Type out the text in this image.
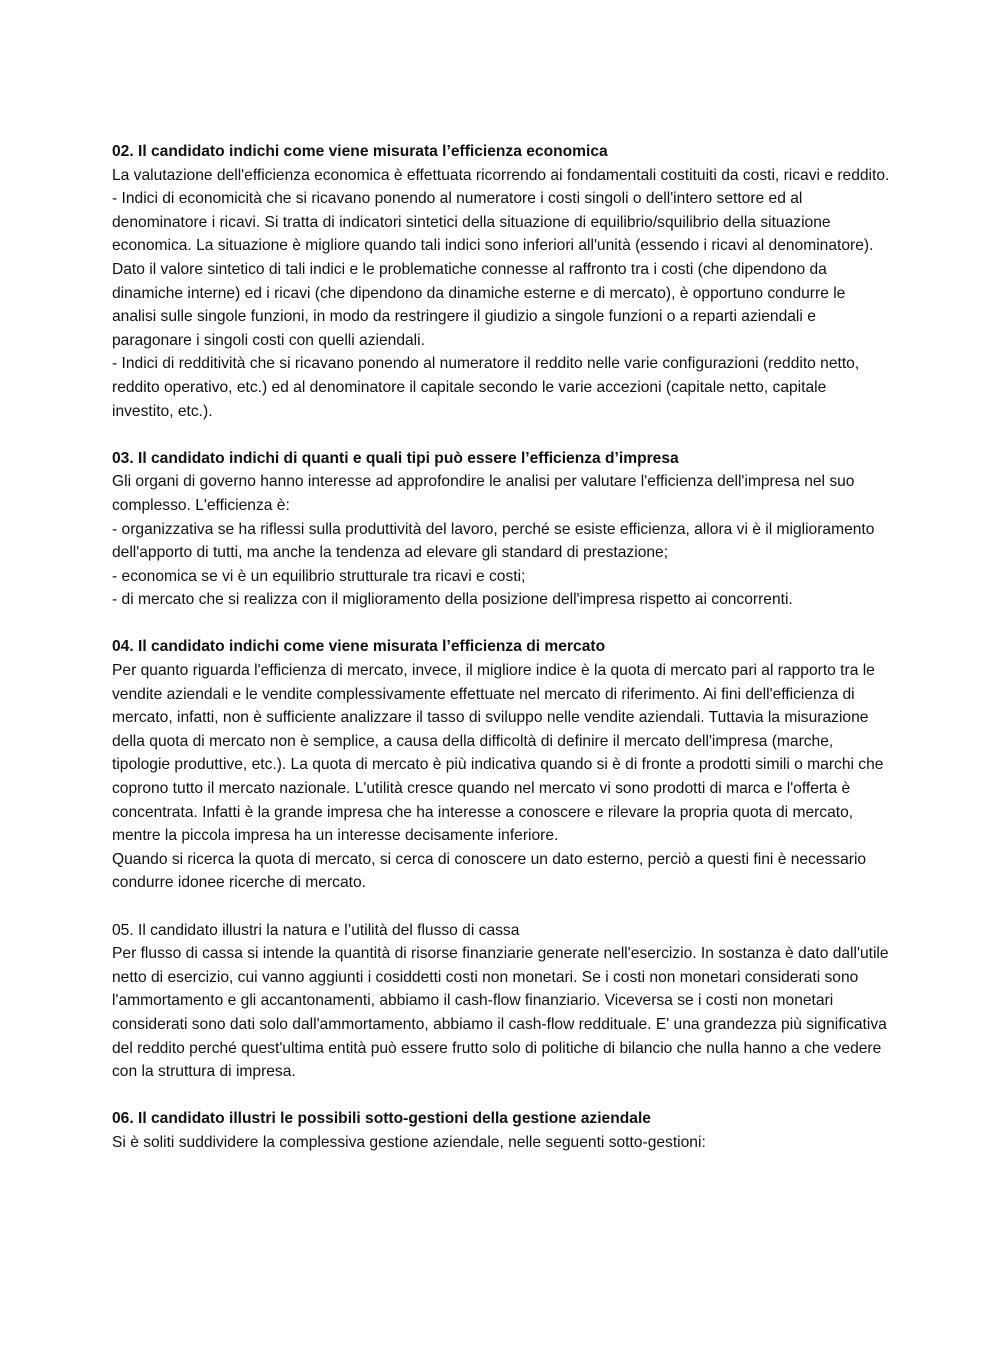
02. Il candidato indichi come viene misurata l’efficienza economica

La valutazione dell'efficienza economica è effettuata ricorrendo ai fondamentali costituiti da costi, ricavi e reddito.

- Indici di economicità che si ricavano ponendo al numeratore i costi singoli o dell'intero settore ed al denominatore i ricavi. Si tratta di indicatori sintetici della situazione di equilibrio/squilibrio della situazione economica. La situazione è migliore quando tali indici sono inferiori all'unità (essendo i ricavi al denominatore). Dato il valore sintetico di tali indici e le problematiche connesse al raffronto tra i costi (che dipendono da dinamiche interne) ed i ricavi (che dipendono da dinamiche esterne e di mercato), è opportuno condurre le analisi sulle singole funzioni, in modo da restringere il giudizio a singole funzioni o a reparti aziendali e paragonare i singoli costi con quelli aziendali.

- Indici di redditività che si ricavano ponendo al numeratore il reddito nelle varie configurazioni (reddito netto, reddito operativo, etc.) ed al denominatore il capitale secondo le varie accezioni (capitale netto, capitale investito, etc.).

03. Il candidato indichi di quanti e quali tipi può essere l’efficienza d’impresa

Gli organi di governo hanno interesse ad approfondire le analisi per valutare l'efficienza dell'impresa nel suo complesso. L'efficienza è:

- organizzativa se ha riflessi sulla produttività del lavoro, perché se esiste efficienza, allora vi è il miglioramento dell'apporto di tutti, ma anche la tendenza ad elevare gli standard di prestazione;

- economica se vi è un equilibrio strutturale tra ricavi e costi;

- di mercato che si realizza con il miglioramento della posizione dell'impresa rispetto ai concorrenti.

04. Il candidato indichi come viene misurata l’efficienza di mercato

Per quanto riguarda l'efficienza di mercato, invece, il migliore indice è la quota di mercato pari al rapporto tra le vendite aziendali e le vendite complessivamente effettuate nel mercato di riferimento. Ai fini dell'efficienza di mercato, infatti, non è sufficiente analizzare il tasso di sviluppo nelle vendite aziendali. Tuttavia la misurazione della quota di mercato non è semplice, a causa della difficoltà di definire il mercato dell'impresa (marche, tipologie produttive, etc.). La quota di mercato è più indicativa quando si è di fronte a prodotti simili o marchi che coprono tutto il mercato nazionale. L'utilità cresce quando nel mercato vi sono prodotti di marca e l'offerta è concentrata. Infatti è la grande impresa che ha interesse a conoscere e rilevare la propria quota di mercato, mentre la piccola impresa ha un interesse decisamente inferiore.

Quando si ricerca la quota di mercato, si cerca di conoscere un dato esterno, perciò a questi fini è necessario condurre idonee ricerche di mercato.

05. Il candidato illustri la natura e l’utilità del flusso di cassa

Per flusso di cassa si intende la quantità di risorse finanziarie generate nell'esercizio. In sostanza è dato dall'utile netto di esercizio, cui vanno aggiunti i cosiddetti costi non monetari. Se i costi non monetari considerati sono l'ammortamento e gli accantonamenti, abbiamo il cash-flow finanziario. Viceversa se i costi non monetari considerati sono dati solo dall'ammortamento, abbiamo il cash-flow reddituale. E' una grandezza più significativa del reddito perché quest'ultima entità può essere frutto solo di politiche di bilancio che nulla hanno a che vedere con la struttura di impresa.

06. Il candidato illustri le possibili sotto-gestioni della gestione aziendale

Si è soliti suddividere la complessiva gestione aziendale, nelle seguenti sotto-gestioni:
